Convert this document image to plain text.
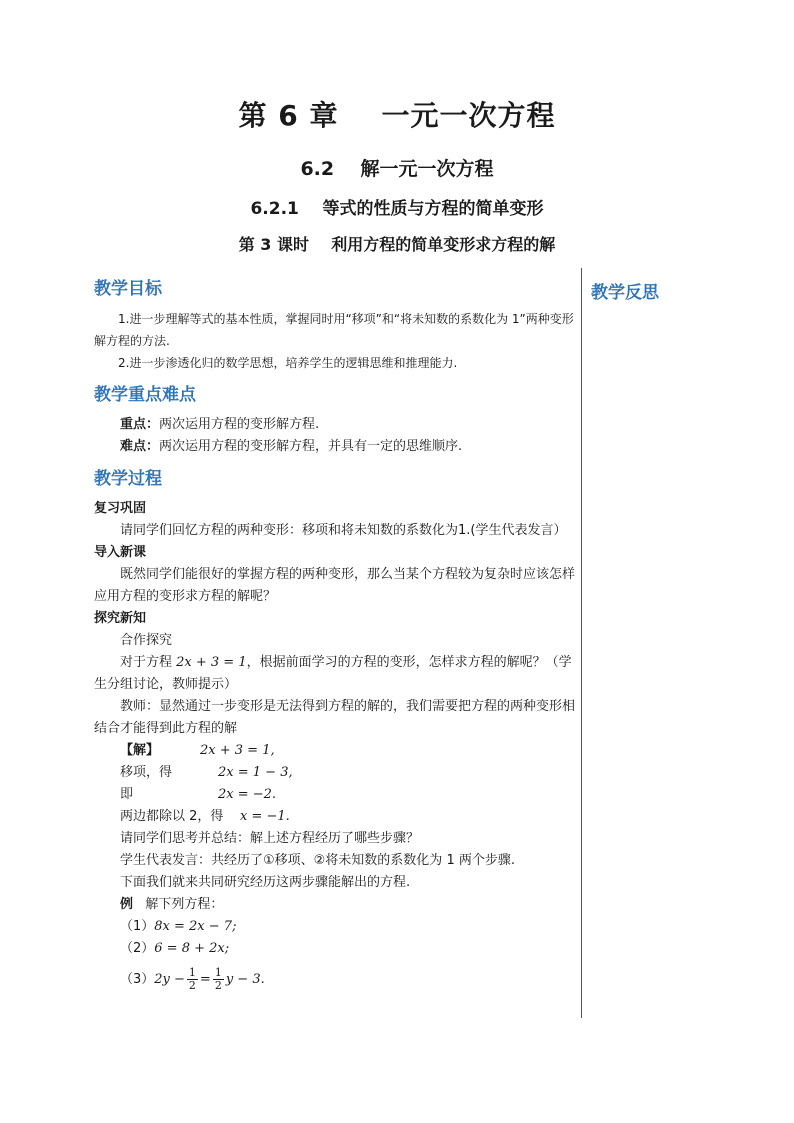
第 6 章    一元一次方程
6.2    解一元一次方程
6.2.1    等式的性质与方程的简单变形
第 3 课时    利用方程的简单变形求方程的解
教学反思
教学目标

1.进一步理解等式的基本性质，掌握同时用“移项”和“将未知数的系数化为 1”两种变形解方程的方法.

2.进一步渗透化归的数学思想，培养学生的逻辑思维和推理能力.

教学重点难点

重点：两次运用方程的变形解方程.

难点：两次运用方程的变形解方程，并具有一定的思维顺序.

教学过程

复习巩固

请同学们回忆方程的两种变形：移项和将未知数的系数化为1.(学生代表发言）

导入新课

既然同学们能很好的掌握方程的两种变形，那么当某个方程较为复杂时应该怎样应用方程的变形求方程的解呢？

探究新知

合作探究

对于方程 2x + 3 = 1，根据前面学习的方程的变形，怎样求方程的解呢？（学生分组讨论，教师提示）

教师：显然通过一步变形是无法得到方程的解的，我们需要把方程的两种变形相结合才能得到此方程的解

【解】	2x + 3 = 1,
移项，得	2x = 1 − 3,
即	2x = −2.
两边都除以 2，得 x = −1.

请同学们思考并总结：解上述方程经历了哪些步骤？

学生代表发言：共经历了①移项、②将未知数的系数化为 1 两个步骤.

下面我们就来共同研究经历这两步骤能解出的方程.

例 解下列方程：

（1）8x = 2x − 7;

（2）6 = 8 + 2x;

$(3)2y - \frac{1}{2} = \frac{1}{2}$ y − 3.
